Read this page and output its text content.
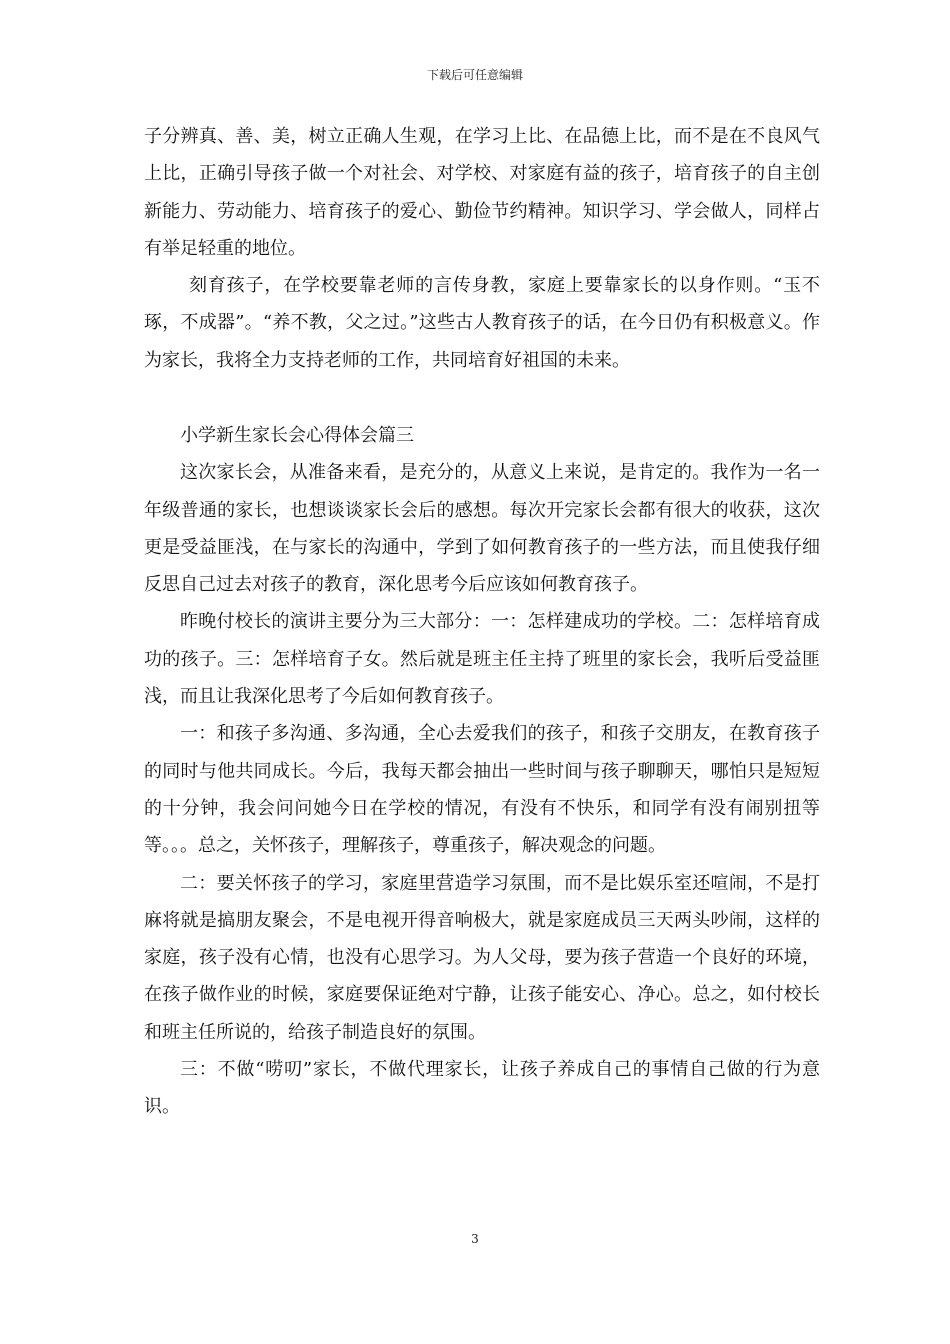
下载后可任意编辑

子分辨真、善、美，树立正确人生观，在学习上比、在品德上比，而不是在不良风气上比，正确引导孩子做一个对社会、对学校、对家庭有益的孩子，培育孩子的自主创新能力、劳动能力、培育孩子的爱心、勤俭节约精神。知识学习、学会做人，同样占有举足轻重的地位。

刻育孩子，在学校要靠老师的言传身教，家庭上要靠家长的以身作则。“玉不琢，不成器”。“养不教，父之过。”这些古人教育孩子的话，在今日仍有积极意义。作为家长，我将全力支持老师的工作，共同培育好祖国的未来。

小学新生家长会心得体会篇三

这次家长会，从准备来看，是充分的，从意义上来说，是肯定的。我作为一名一年级普通的家长，也想谈谈家长会后的感想。每次开完家长会都有很大的收获，这次更是受益匪浅，在与家长的沟通中，学到了如何教育孩子的一些方法，而且使我仔细反思自己过去对孩子的教育，深化思考今后应该如何教育孩子。

昨晚付校长的演讲主要分为三大部分：一：怎样建成功的学校。二：怎样培育成功的孩子。三：怎样培育子女。然后就是班主任主持了班里的家长会，我听后受益匪浅，而且让我深化思考了今后如何教育孩子。

一：和孩子多沟通、多沟通，全心去爱我们的孩子，和孩子交朋友，在教育孩子的同时与他共同成长。今后，我每天都会抽出一些时间与孩子聊聊天，哪怕只是短短的十分钟，我会问问她今日在学校的情况，有没有不快乐，和同学有没有闹别扭等等。。。总之，关怀孩子，理解孩子，尊重孩子，解决观念的问题。

二：要关怀孩子的学习，家庭里营造学习氛围，而不是比娱乐室还喧闹，不是打麻将就是搞朋友聚会，不是电视开得音响极大，就是家庭成员三天两头吵闹，这样的家庭，孩子没有心情，也没有心思学习。为人父母，要为孩子营造一个良好的环境，在孩子做作业的时候，家庭要保证绝对宁静，让孩子能安心、净心。总之，如付校长和班主任所说的，给孩子制造良好的氛围。

三：不做“唠叨”家长，不做代理家长，让孩子养成自己的事情自己做的行为意识。

3
